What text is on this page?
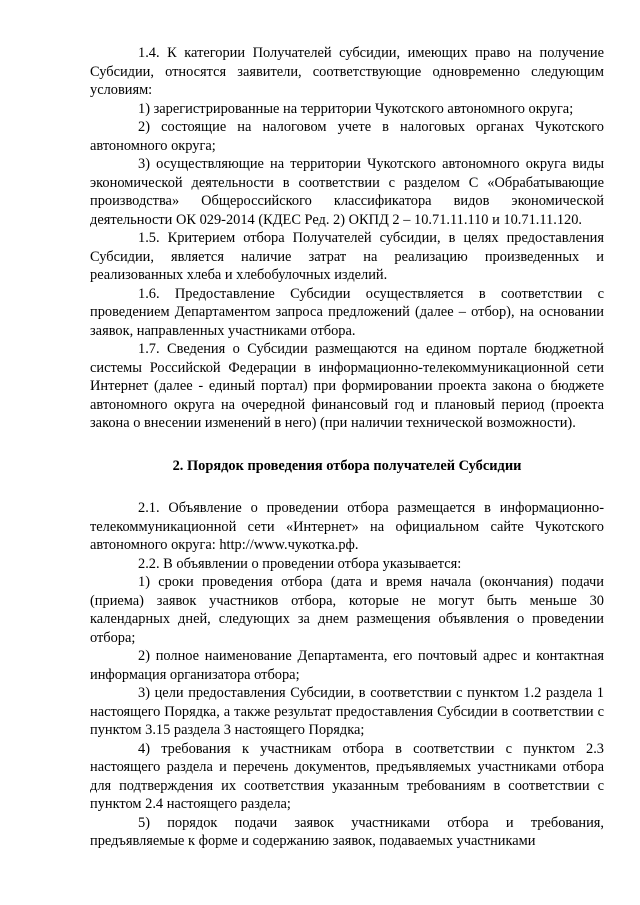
1.4. К категории Получателей субсидии, имеющих право на получение Субсидии, относятся заявители, соответствующие одновременно следующим условиям:

1) зарегистрированные на территории Чукотского автономного округа;

2) состоящие на налоговом учете в налоговых органах Чукотского автономного округа;

3) осуществляющие на территории Чукотского автономного округа виды экономической деятельности в соответствии с разделом С «Обрабатывающие производства» Общероссийского классификатора видов экономической деятельности ОК 029-2014 (КДЕС Ред. 2) ОКПД 2 – 10.71.11.110 и 10.71.11.120.

1.5. Критерием отбора Получателей субсидии, в целях предоставления Субсидии, является наличие затрат на реализацию произведенных и реализованных хлеба и хлебобулочных изделий.

1.6. Предоставление Субсидии осуществляется в соответствии с проведением Департаментом запроса предложений (далее – отбор), на основании заявок, направленных участниками отбора.

1.7. Сведения о Субсидии размещаются на едином портале бюджетной системы Российской Федерации в информационно-телекоммуникационной сети Интернет (далее - единый портал) при формировании проекта закона о бюджете автономного округа на очередной финансовый год и плановый период (проекта закона о внесении изменений в него) (при наличии технической возможности).

2. Порядок проведения отбора получателей Субсидии

2.1. Объявление о проведении отбора размещается в информационно-телекоммуникационной сети «Интернет» на официальном сайте Чукотского автономного округа: http://www.чукотка.рф.

2.2. В объявлении о проведении отбора указывается:

1) сроки проведения отбора (дата и время начала (окончания) подачи (приема) заявок участников отбора, которые не могут быть меньше 30 календарных дней, следующих за днем размещения объявления о проведении отбора;

2) полное наименование Департамента, его почтовый адрес и контактная информация организатора отбора;

3) цели предоставления Субсидии, в соответствии с пунктом 1.2 раздела 1 настоящего Порядка, а также результат предоставления Субсидии в соответствии с пунктом 3.15 раздела 3 настоящего Порядка;

4) требования к участникам отбора в соответствии с пунктом 2.3 настоящего раздела и перечень документов, предъявляемых участниками отбора для подтверждения их соответствия указанным требованиям в соответствии с пунктом 2.4 настоящего раздела;

5) порядок подачи заявок участниками отбора и требования, предъявляемые к форме и содержанию заявок, подаваемых участниками
